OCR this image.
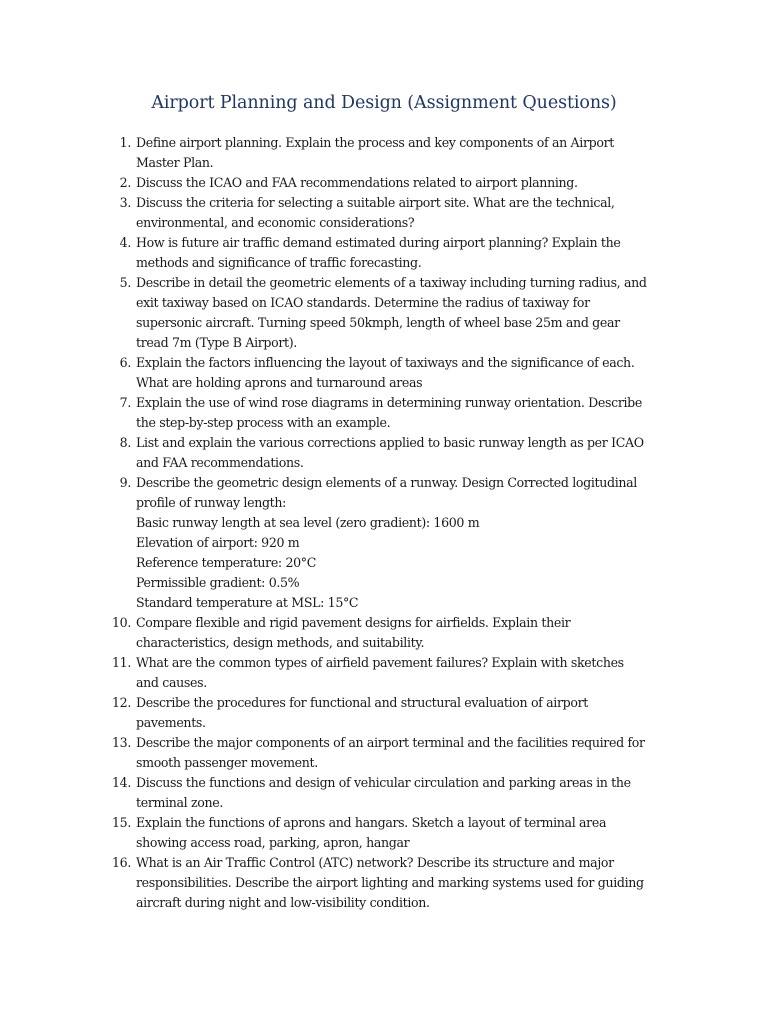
Airport Planning and Design (Assignment Questions)
1. Define airport planning. Explain the process and key components of an Airport
Master Plan.
2. Discuss the ICAO and FAA recommendations related to airport planning.
3. Discuss the criteria for selecting a suitable airport site. What are the technical,
environmental, and economic considerations?
4. How is future air traffic demand estimated during airport planning? Explain the
methods and significance of traffic forecasting.
5. Describe in detail the geometric elements of a taxiway including turning radius, and
exit taxiway based on ICAO standards. Determine the radius of taxiway for
supersonic aircraft. Turning speed 50kmph, length of wheel base 25m and gear
tread 7m (Type B Airport).
6. Explain the factors influencing the layout of taxiways and the significance of each.
What are holding aprons and turnaround areas
7. Explain the use of wind rose diagrams in determining runway orientation. Describe
the step-by-step process with an example.
8. List and explain the various corrections applied to basic runway length as per ICAO
and FAA recommendations.
9. Describe the geometric design elements of a runway. Design Corrected logitudinal
profile of runway length:
Basic runway length at sea level (zero gradient): 1600 m
Elevation of airport: 920 m
Reference temperature: 20°C
Permissible gradient: 0.5%
Standard temperature at MSL: 15°C
10. Compare flexible and rigid pavement designs for airfields. Explain their
characteristics, design methods, and suitability.
11. What are the common types of airfield pavement failures? Explain with sketches
and causes.
12. Describe the procedures for functional and structural evaluation of airport
pavements.
13. Describe the major components of an airport terminal and the facilities required for
smooth passenger movement.
14. Discuss the functions and design of vehicular circulation and parking areas in the
terminal zone.
15. Explain the functions of aprons and hangars. Sketch a layout of terminal area
showing access road, parking, apron, hangar
16. What is an Air Traffic Control (ATC) network? Describe its structure and major
responsibilities. Describe the airport lighting and marking systems used for guiding
aircraft during night and low-visibility condition.
